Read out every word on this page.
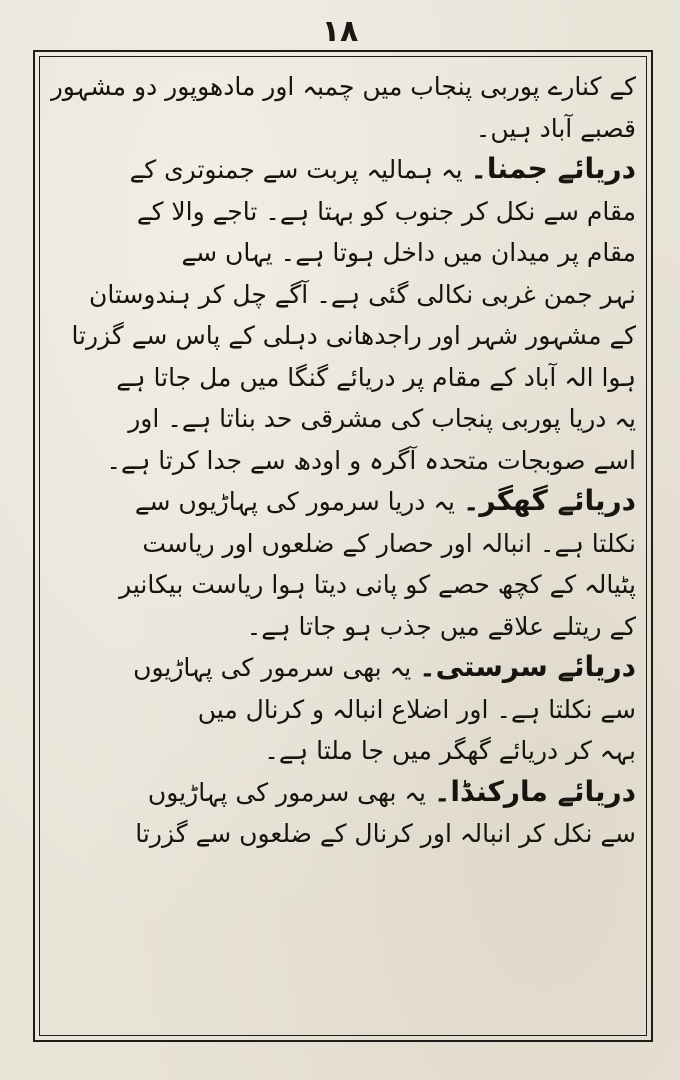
۱۸
کے کنارے پوربی پنجاب میں چمبہ اور مادھوپور دو مشہور
قصبے آباد ہیں۔
دریائے جمنا۔ یہ ہمالیہ پربت سے جمنوتری کے
مقام سے نکل کر جنوب کو بہتا ہے۔ تاجے والا کے
مقام پر میدان میں داخل ہوتا ہے۔ یہاں سے
نہر جمن غربی نکالی گئی ہے۔ آگے چل کر ہندوستان
کے مشہور شہر اور راجدھانی دہلی کے پاس سے گزرتا
ہوا الہ آباد کے مقام پر دریائے گنگا میں مل جاتا ہے
یہ دریا پوربی پنجاب کی مشرقی حد بناتا ہے۔ اور
اسے صوبجات متحدہ آگرہ و اودھ سے جدا کرتا ہے۔
دریائے گھگر۔ یہ دریا سرمور کی پہاڑیوں سے
نکلتا ہے۔ انبالہ اور حصار کے ضلعوں اور ریاست
پٹیالہ کے کچھ حصے کو پانی دیتا ہوا ریاست بیکانیر
کے ریتلے علاقے میں جذب ہو جاتا ہے۔
دریائے سرستی۔ یہ بھی سرمور کی پہاڑیوں
سے نکلتا ہے۔ اور اضلاع انبالہ و کرنال میں
بہہ کر دریائے گھگر میں جا ملتا ہے۔
دریائے مارکنڈا۔ یہ بھی سرمور کی پہاڑیوں
سے نکل کر انبالہ اور کرنال کے ضلعوں سے گزرتا
